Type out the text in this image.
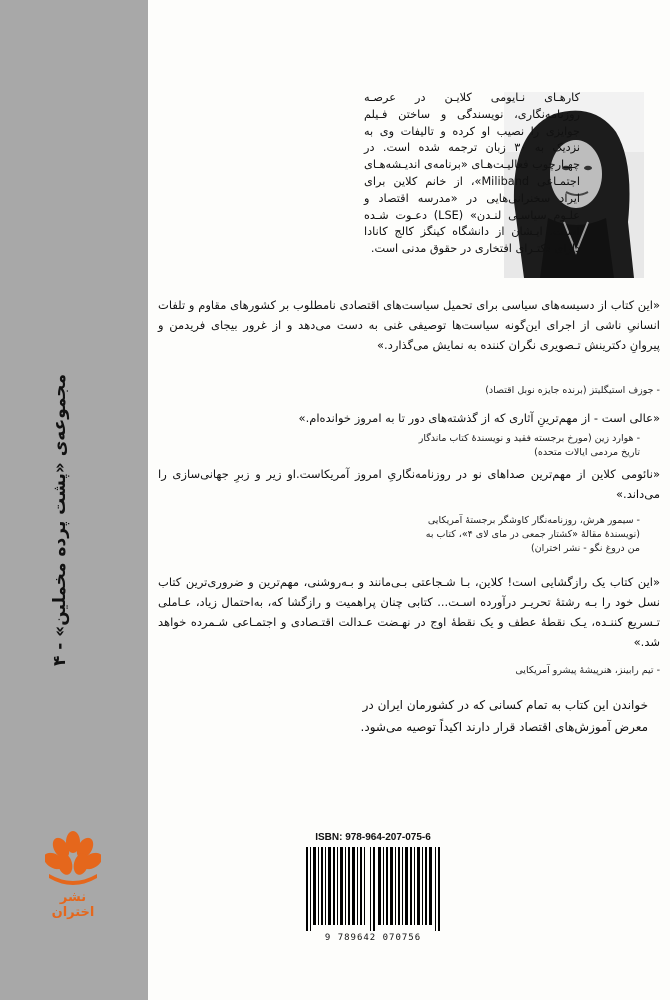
مجموعه‌ی «پشت پرده مخملین» - ۴
نشر اختران

کارهـای نـایومی کلایـن در عرصـه روزنامه‌نگاری، نویسندگی و ساختن فـیلم جوایزی را نصیب او کرده و تالیفات وی به نزدیک به ۳۰ زبان ترجمه شده است. در چهـارچوب فعالیـت‌هـای «برنامه‌ی اندیـشه‌هـای اجتمـاعی Miliband»، از خانم کلاین برای ایراد سخنرانی‌هایی در «مدرسه اقتصاد و علـوم سیاسـی لنـدن» (LSE) دعـوت شـده اسـت. ایـشان از دانشگاه کینگز کالج کانادا دارای دکتـرای افتخاری در حقوق مدنی است.

«این کتاب از دسیسه‌های سیاسی برای تحمیل سیاست‌های اقتصادی نامطلوب بر کشورهای مقاوم و تلفات انسانیِ ناشی از اجرای این‌گونه سیاست‌ها توصیفی غنی به دست می‌دهد و از غرور بیجای فریدمن و پیروانِ دکترینش تـصویری نگران کننده به نمایش می‌گذارد.»

- جوزف استیگلیتز (برنده جایزه نوبل اقتصاد)

«عالی است - از مهم‌ترینِ آثاری که از گذشته‌های دور تا به امروز خوانده‌ام.»

- هوارد زین (مورخ برجسته فقید و نویسندهٔ کتاب ماندگار تاریخ مردمی ایالات متحده)

«نائومی کلاین از مهم‌ترین صداهای نو در روزنامه‌نگاریِ امروز آمریکاست.او زیر و زبرِ جهانی‌سازی را می‌داند.»

- سیمور هرش، روزنامه‌نگار کاوشگر برجستهٔ آمریکایی (نویسندهٔ مقالهٔ «کشتار جمعی در مای لای ۴»، کتاب به من دروغ نگو - نشر اختران)

«این کتاب یک رازگشایی است! کلاین، بـا شـجاعتی بـی‌مانند و بـه‌روشنی، مهم‌ترین و ضروری‌ترین کتاب نسل خود را بـه رشتهٔ تحریـر درآورده اسـت... کتابی چنان پراهمیت و رازگشا که، به‌احتمال زیاد، عـاملی تـسریع کننـده، یـک نقطهٔ عطف و یک نقطهٔ اوج در نهـضت عـدالت اقتـصادی و اجتمـاعی شـمرده خواهد شد.»

- تیم رابینز، هنرپیشهٔ پیشرو آمریکایی

خواندن این کتاب به تمام کسانی که در کشورمان ایران در معرض آموزش‌های اقتصاد قرار دارند اکیداً توصیه می‌شود.
ISBN: 978-964-207-075-6
9 789642 070756
